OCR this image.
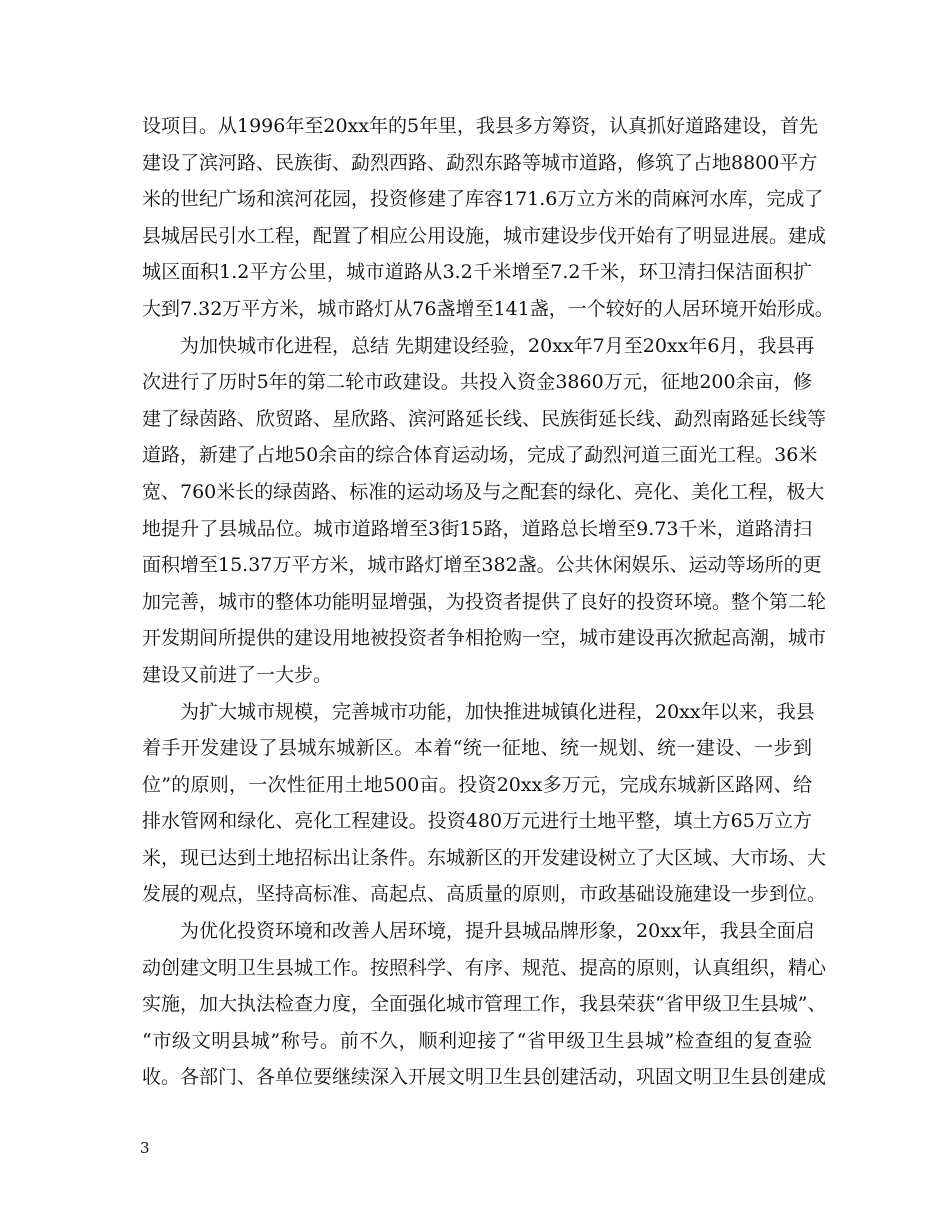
设项目。从1996年至20xx年的5年里，我县多方筹资，认真抓好道路建设，首先
建设了滨河路、民族街、勐烈西路、勐烈东路等城市道路，修筑了占地8800平方
米的世纪广场和滨河花园，投资修建了库容171.6万立方米的茼麻河水库，完成了
县城居民引水工程，配置了相应公用设施，城市建设步伐开始有了明显进展。建成
城区面积1.2平方公里，城市道路从3.2千米增至7.2千米，环卫清扫保洁面积扩
大到7.32万平方米，城市路灯从76盏增至141盏，一个较好的人居环境开始形成。
为加快城市化进程，总结 先期建设经验，20xx年7月至20xx年6月，我县再
次进行了历时5年的第二轮市政建设。共投入资金3860万元，征地200余亩，修
建了绿茵路、欣贸路、星欣路、滨河路延长线、民族街延长线、勐烈南路延长线等
道路，新建了占地50余亩的综合体育运动场，完成了勐烈河道三面光工程。36米
宽、760米长的绿茵路、标准的运动场及与之配套的绿化、亮化、美化工程，极大
地提升了县城品位。城市道路增至3街15路，道路总长增至9.73千米，道路清扫
面积增至15.37万平方米，城市路灯增至382盏。公共休闲娱乐、运动等场所的更
加完善，城市的整体功能明显增强，为投资者提供了良好的投资环境。整个第二轮
开发期间所提供的建设用地被投资者争相抢购一空，城市建设再次掀起高潮，城市
建设又前进了一大步。
为扩大城市规模，完善城市功能，加快推进城镇化进程，20xx年以来，我县
着手开发建设了县城东城新区。本着“统一征地、统一规划、统一建设、一步到
位”的原则，一次性征用土地500亩。投资20xx多万元，完成东城新区路网、给
排水管网和绿化、亮化工程建设。投资480万元进行土地平整，填土方65万立方
米，现已达到土地招标出让条件。东城新区的开发建设树立了大区域、大市场、大
发展的观点，坚持高标准、高起点、高质量的原则，市政基础设施建设一步到位。
为优化投资环境和改善人居环境，提升县城品牌形象，20xx年，我县全面启
动创建文明卫生县城工作。按照科学、有序、规范、提高的原则，认真组织，精心
实施，加大执法检查力度，全面强化城市管理工作，我县荣获“省甲级卫生县城”、
“市级文明县城”称号。前不久，顺利迎接了“省甲级卫生县城”检查组的复查验
收。各部门、各单位要继续深入开展文明卫生县创建活动，巩固文明卫生县创建成
3
